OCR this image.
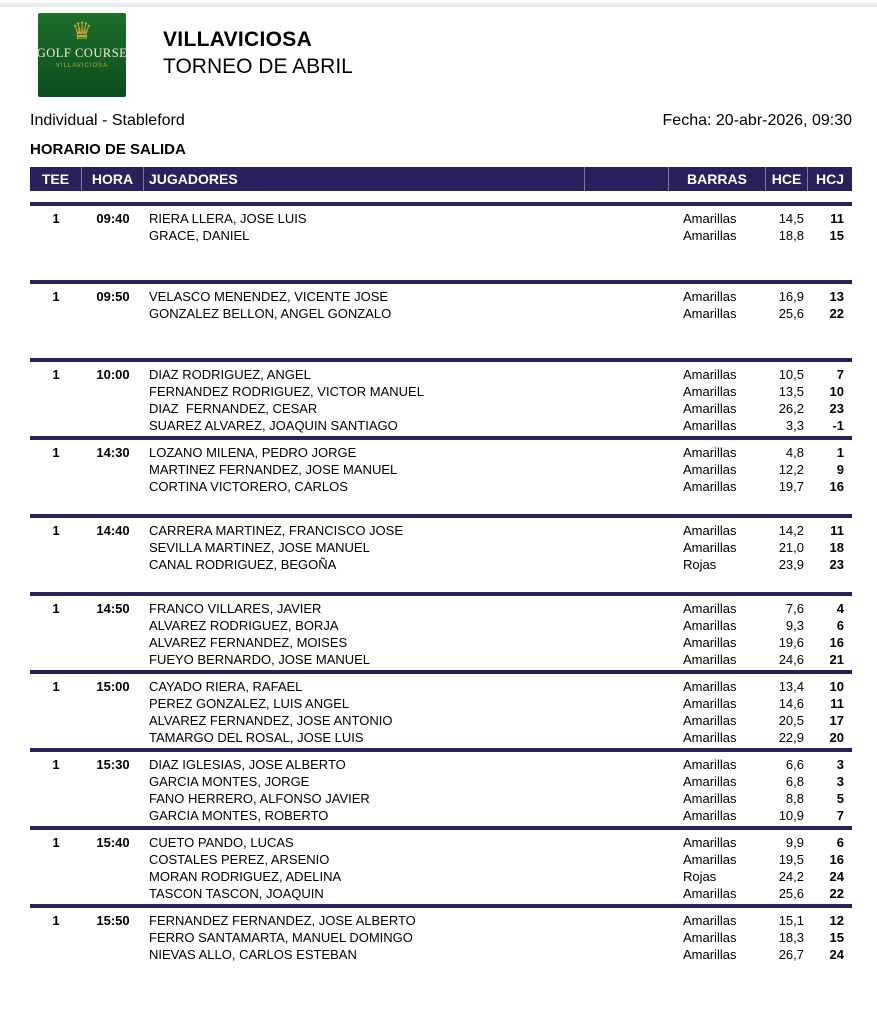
♛
GOLF COURSE
VILLAVICIOSA
VILLAVICIOSA
TORNEO DE ABRIL
Individual - Stableford	Fecha: 20-abr-2026, 09:30
HORARIO DE SALIDA
TEE	HORA	JUGADORES	BARRAS	HCE	HCJ
1	09:40	RIERA LLERA, JOSE LUIS	Amarillas	14,5	11
GRACE, DANIEL	Amarillas	18,8	15
1	09:50	VELASCO MENENDEZ, VICENTE JOSE	Amarillas	16,9	13
GONZALEZ BELLON, ANGEL GONZALO	Amarillas	25,6	22
1	10:00	DIAZ RODRIGUEZ, ANGEL	Amarillas	10,5	7
FERNANDEZ RODRIGUEZ, VICTOR MANUEL	Amarillas	13,5	10
DIAZ  FERNANDEZ, CESAR	Amarillas	26,2	23
SUAREZ ALVAREZ, JOAQUIN SANTIAGO	Amarillas	3,3	-1
1	14:30	LOZANO MILENA, PEDRO JORGE	Amarillas	4,8	1
MARTINEZ FERNANDEZ, JOSE MANUEL	Amarillas	12,2	9
CORTINA VICTORERO, CARLOS	Amarillas	19,7	16
1	14:40	CARRERA MARTINEZ, FRANCISCO JOSE	Amarillas	14,2	11
SEVILLA MARTINEZ, JOSE MANUEL	Amarillas	21,0	18
CANAL RODRIGUEZ, BEGOÑA	Rojas	23,9	23
1	14:50	FRANCO VILLARES, JAVIER	Amarillas	7,6	4
ALVAREZ RODRIGUEZ, BORJA	Amarillas	9,3	6
ALVAREZ FERNANDEZ, MOISES	Amarillas	19,6	16
FUEYO BERNARDO, JOSE MANUEL	Amarillas	24,6	21
1	15:00	CAYADO RIERA, RAFAEL	Amarillas	13,4	10
PEREZ GONZALEZ, LUIS ANGEL	Amarillas	14,6	11
ALVAREZ FERNANDEZ, JOSE ANTONIO	Amarillas	20,5	17
TAMARGO DEL ROSAL, JOSE LUIS	Amarillas	22,9	20
1	15:30	DIAZ IGLESIAS, JOSE ALBERTO	Amarillas	6,6	3
GARCIA MONTES, JORGE	Amarillas	6,8	3
FANO HERRERO, ALFONSO JAVIER	Amarillas	8,8	5
GARCIA MONTES, ROBERTO	Amarillas	10,9	7
1	15:40	CUETO PANDO, LUCAS	Amarillas	9,9	6
COSTALES PEREZ, ARSENIO	Amarillas	19,5	16
MORAN RODRIGUEZ, ADELINA	Rojas	24,2	24
TASCON TASCON, JOAQUIN	Amarillas	25,6	22
1	15:50	FERNANDEZ FERNANDEZ, JOSE ALBERTO	Amarillas	15,1	12
FERRO SANTAMARTA, MANUEL DOMINGO	Amarillas	18,3	15
NIEVAS ALLO, CARLOS ESTEBAN	Amarillas	26,7	24
